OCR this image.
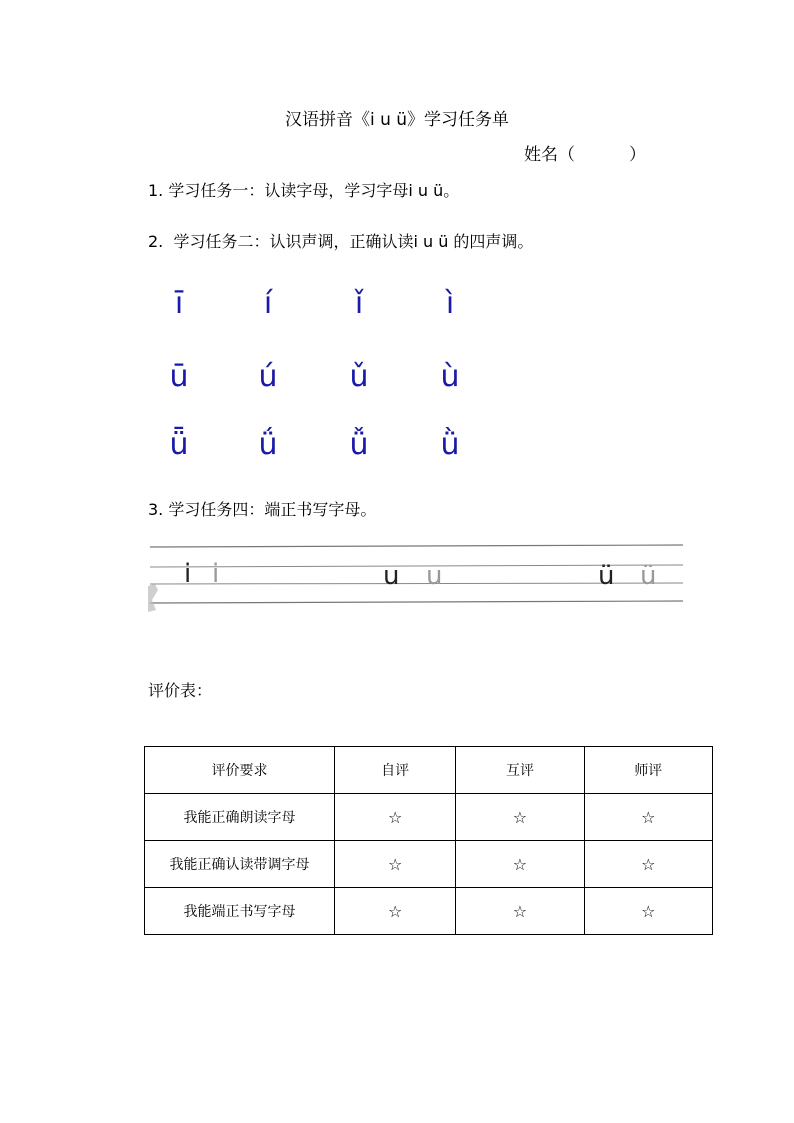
汉语拼音《i u ü》学习任务单
姓名（          ）
1. 学习任务一：认读字母，学习字母i u ü。
2.  学习任务二：认识声调，正确认读i u ü 的四声调。
ī	í	ǐ	ì
ū	ú	ǔ	ù
ǖ	ǘ	ǚ	ǜ
3. 学习任务四：端正书写字母。
i i	u u	ü ü
评价表：
评价要求	自评	互评	师评
我能正确朗读字母	☆	☆	☆
我能正确认读带调字母	☆	☆	☆
我能端正书写字母	☆	☆	☆
